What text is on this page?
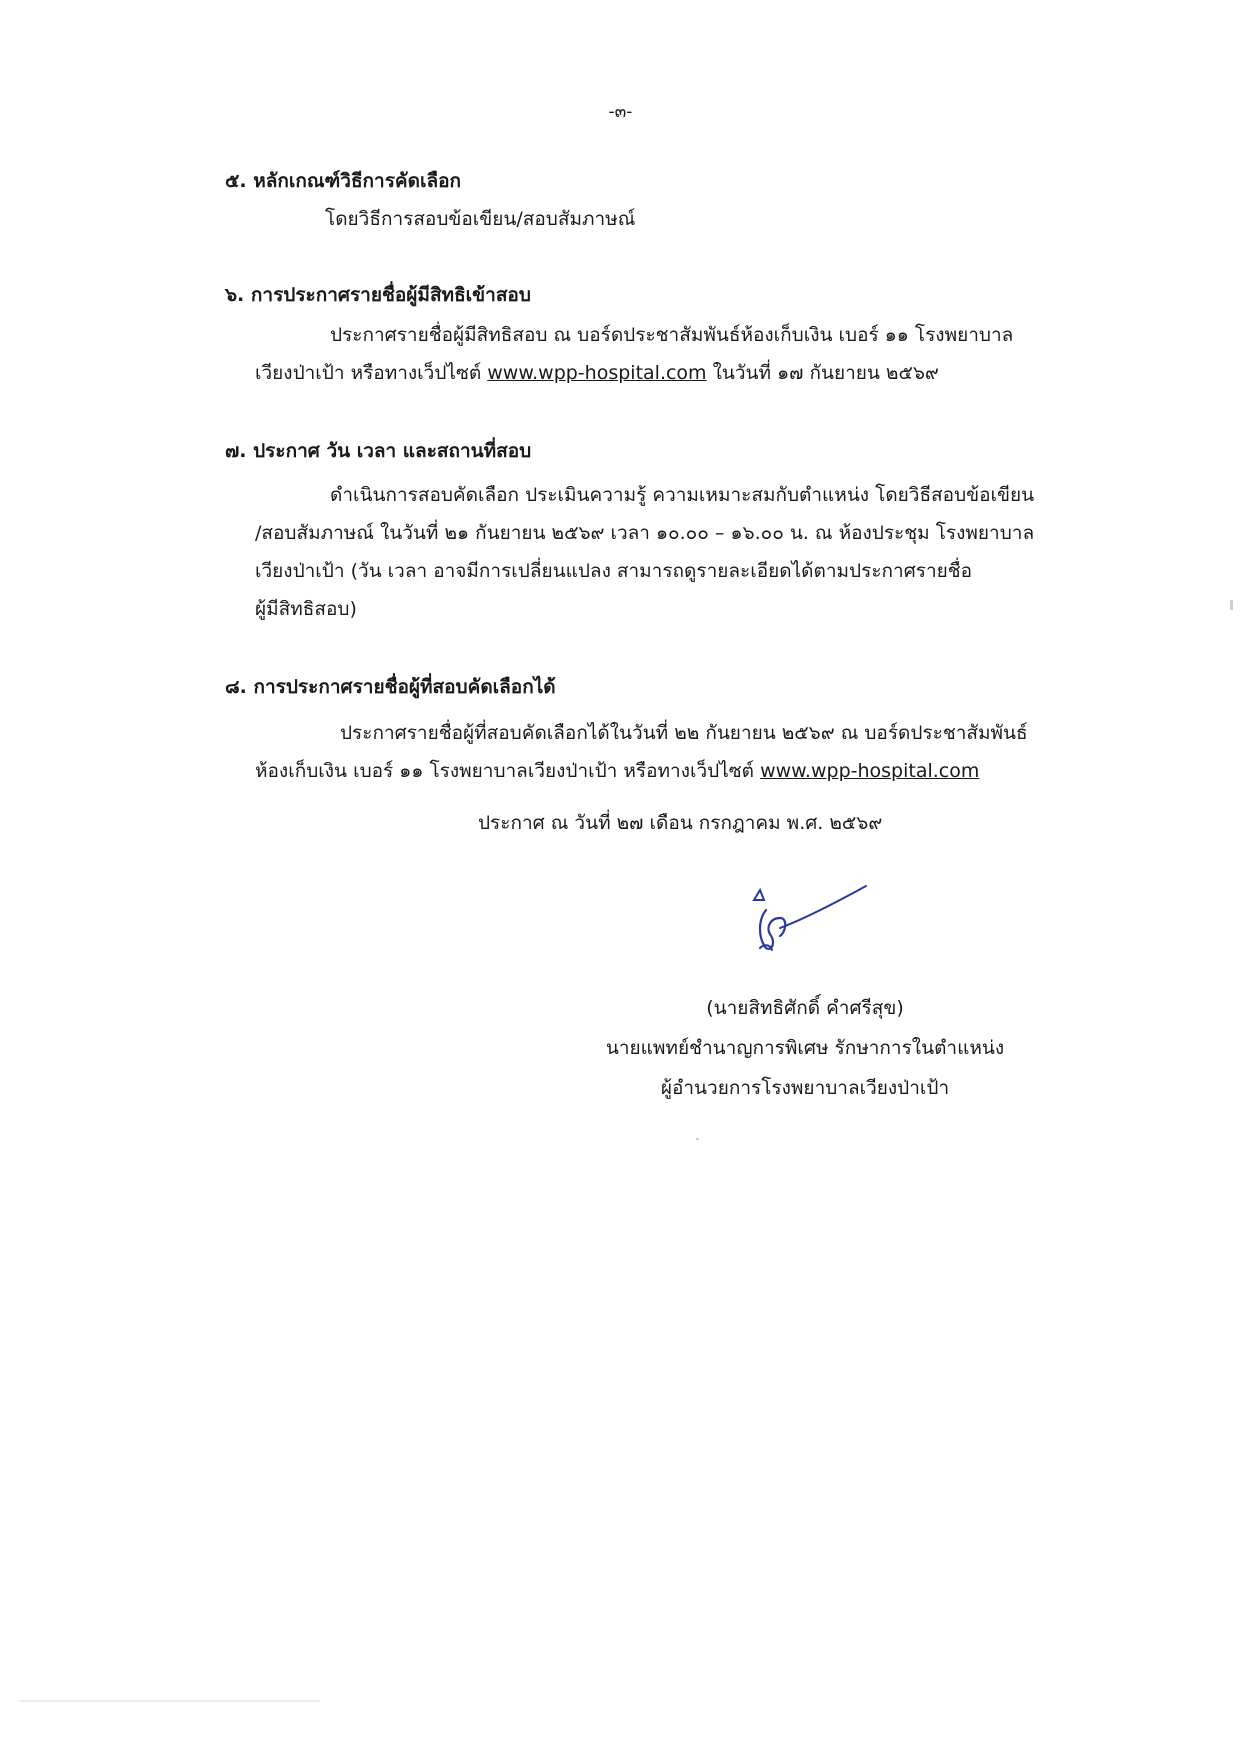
-๓-
๕. หลักเกณฑ์วิธีการคัดเลือก
โดยวิธีการสอบข้อเขียน/สอบสัมภาษณ์
๖. การประกาศรายชื่อผู้มีสิทธิเข้าสอบ
ประกาศรายชื่อผู้มีสิทธิสอบ ณ บอร์ดประชาสัมพันธ์ห้องเก็บเงิน เบอร์ ๑๑ โรงพยาบาล
เวียงป่าเป้า หรือทางเว็ปไซต์ www.wpp-hospital.com ในวันที่ ๑๗ กันยายน ๒๕๖๙
๗. ประกาศ วัน เวลา และสถานที่สอบ
ดำเนินการสอบคัดเลือก ประเมินความรู้ ความเหมาะสมกับตำแหน่ง โดยวิธีสอบข้อเขียน
/สอบสัมภาษณ์ ในวันที่ ๒๑ กันยายน ๒๕๖๙ เวลา ๑๐.๐๐ – ๑๖.๐๐ น. ณ ห้องประชุม โรงพยาบาล
เวียงป่าเป้า (วัน เวลา อาจมีการเปลี่ยนแปลง สามารถดูรายละเอียดได้ตามประกาศรายชื่อ
ผู้มีสิทธิสอบ)
๘. การประกาศรายชื่อผู้ที่สอบคัดเลือกได้
ประกาศรายชื่อผู้ที่สอบคัดเลือกได้ในวันที่ ๒๒ กันยายน ๒๕๖๙ ณ บอร์ดประชาสัมพันธ์
ห้องเก็บเงิน เบอร์ ๑๑ โรงพยาบาลเวียงป่าเป้า หรือทางเว็ปไซต์ www.wpp-hospital.com
ประกาศ ณ วันที่ ๒๗ เดือน กรกฎาคม พ.ศ. ๒๕๖๙
(นายสิทธิศักดิ์ คำศรีสุข)
นายแพทย์ชำนาญการพิเศษ รักษาการในตำแหน่ง
ผู้อำนวยการโรงพยาบาลเวียงป่าเป้า
